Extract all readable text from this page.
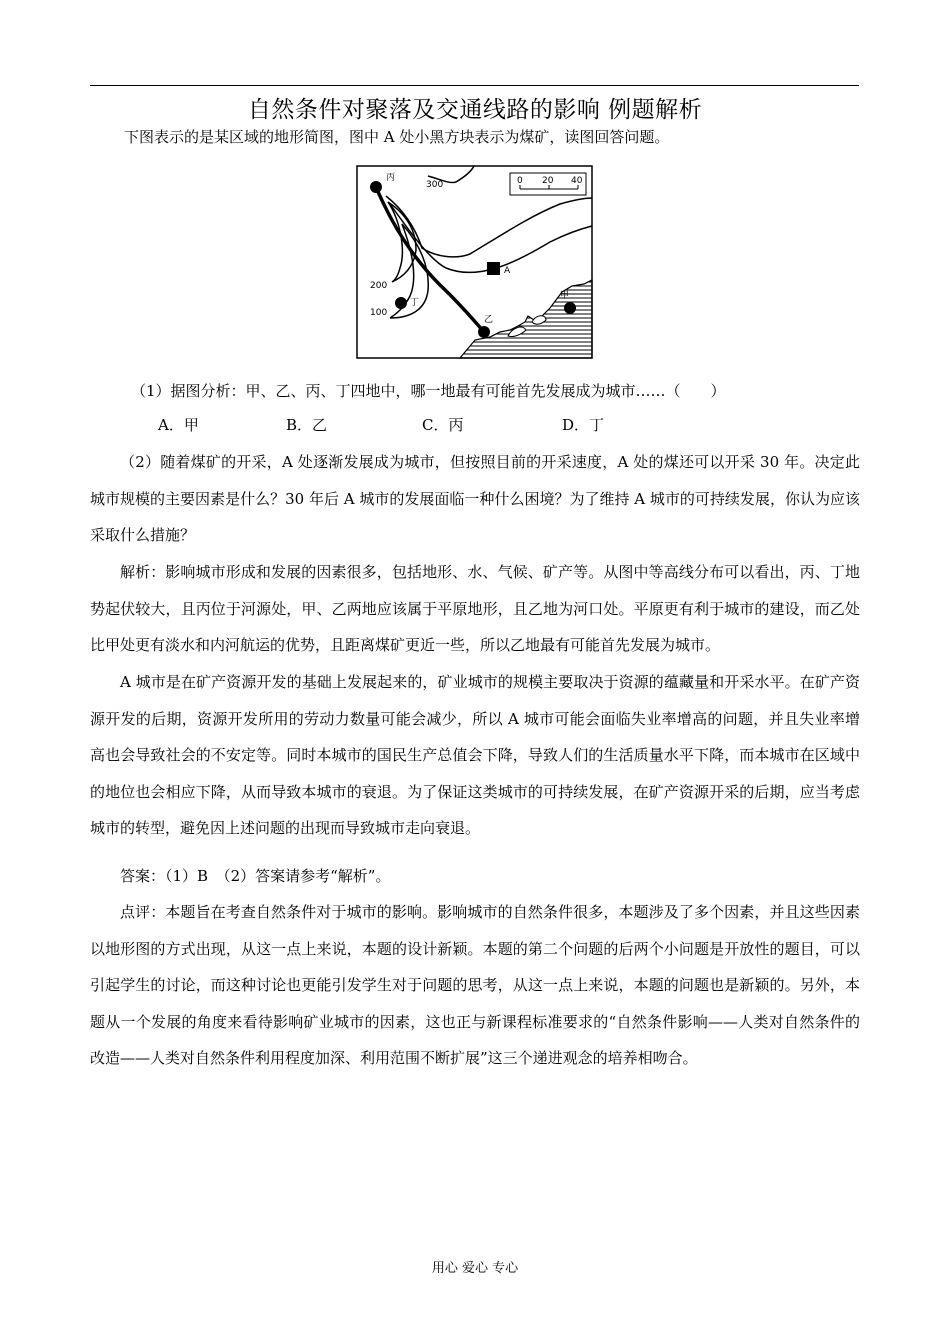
自然条件对聚落及交通线路的影响 例题解析
下图表示的是某区域的地形简图，图中 A 处小黑方块表示为煤矿，读图回答问题。
A
丙
丁
乙
甲
300
200
100
0 20 40
（1）据图分析：甲、乙、丙、丁四地中，哪一地最有可能首先发展成为城市……（　　）
A．甲	B．乙	C．丙	D．丁

（2）随着煤矿的开采，A 处逐渐发展成为城市，但按照目前的开采速度，A 处的煤还可以开采 30 年。决定此城市规模的主要因素是什么？30 年后 A 城市的发展面临一种什么困境？为了维持 A 城市的可持续发展，你认为应该采取什么措施？

解析：影响城市形成和发展的因素很多，包括地形、水、气候、矿产等。从图中等高线分布可以看出，丙、丁地势起伏较大，且丙位于河源处，甲、乙两地应该属于平原地形，且乙地为河口处。平原更有利于城市的建设，而乙处比甲处更有淡水和内河航运的优势，且距离煤矿更近一些，所以乙地最有可能首先发展为城市。

A 城市是在矿产资源开发的基础上发展起来的，矿业城市的规模主要取决于资源的蕴藏量和开采水平。在矿产资源开发的后期，资源开发所用的劳动力数量可能会减少，所以 A 城市可能会面临失业率增高的问题，并且失业率增高也会导致社会的不安定等。同时本城市的国民生产总值会下降，导致人们的生活质量水平下降，而本城市在区域中的地位也会相应下降，从而导致本城市的衰退。为了保证这类城市的可持续发展，在矿产资源开采的后期，应当考虑城市的转型，避免因上述问题的出现而导致城市走向衰退。

答案：（1）B　（2）答案请参考“解析”。

点评：本题旨在考查自然条件对于城市的影响。影响城市的自然条件很多，本题涉及了多个因素，并且这些因素以地形图的方式出现，从这一点上来说，本题的设计新颖。本题的第二个问题的后两个小问题是开放性的题目，可以引起学生的讨论，而这种讨论也更能引发学生对于问题的思考，从这一点上来说，本题的问题也是新颖的。另外，本题从一个发展的角度来看待影响矿业城市的因素，这也正与新课程标准要求的“自然条件影响——人类对自然条件的改造——人类对自然条件利用程度加深、利用范围不断扩展”这三个递进观念的培养相吻合。

用心 爱心 专心
